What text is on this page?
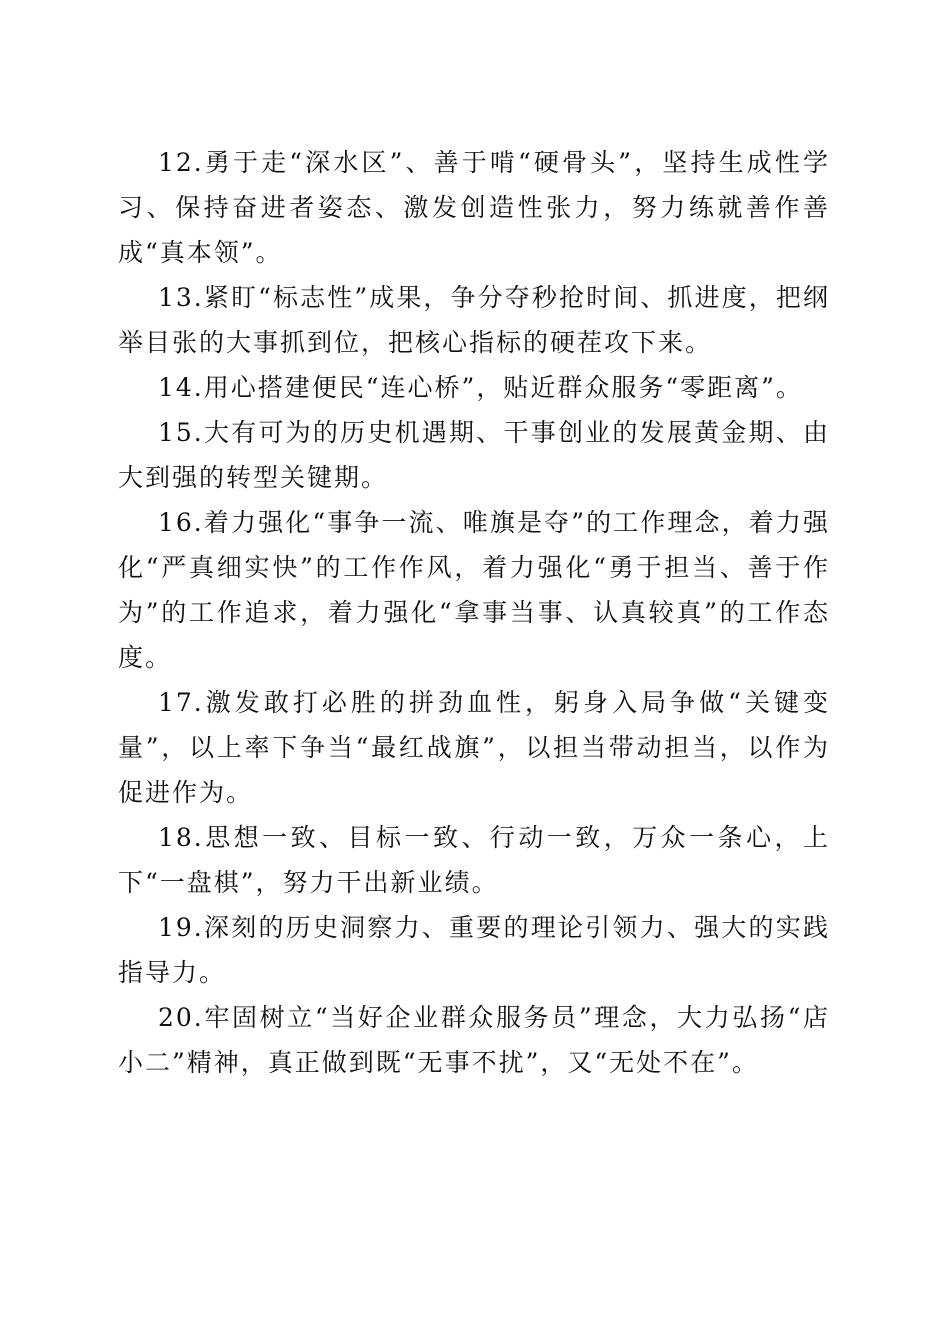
12.勇于走“深水区”、善于啃“硬骨头”，坚持生成性学习、保持奋进者姿态、激发创造性张力，努力练就善作善成“真本领”。

13.紧盯“标志性”成果，争分夺秒抢时间、抓进度，把纲举目张的大事抓到位，把核心指标的硬茬攻下来。

14.用心搭建便民“连心桥”，贴近群众服务“零距离”。

15.大有可为的历史机遇期、干事创业的发展黄金期、由大到强的转型关键期。

16.着力强化“事争一流、唯旗是夺”的工作理念，着力强化“严真细实快”的工作作风，着力强化“勇于担当、善于作为”的工作追求，着力强化“拿事当事、认真较真”的工作态度。

17.激发敢打必胜的拼劲血性，躬身入局争做“关键变量”，以上率下争当“最红战旗”，以担当带动担当，以作为促进作为。

18.思想一致、目标一致、行动一致，万众一条心，上下“一盘棋”，努力干出新业绩。

19.深刻的历史洞察力、重要的理论引领力、强大的实践指导力。

20.牢固树立“当好企业群众服务员”理念，大力弘扬“店小二”精神，真正做到既“无事不扰”，又“无处不在”。
